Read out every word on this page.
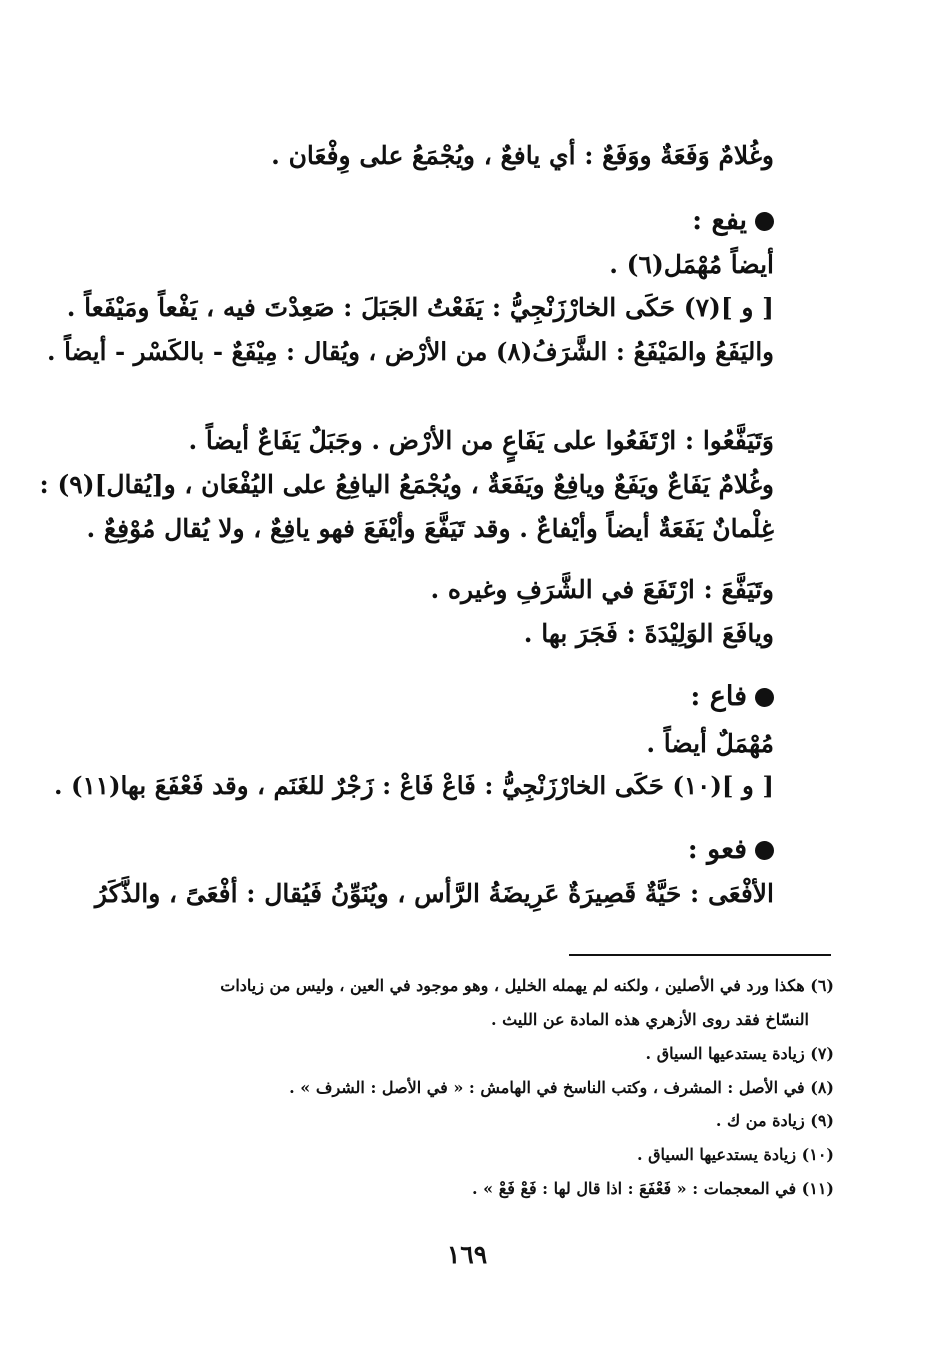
وغُلامٌ وَفَعَةٌ ووَفَعٌ : أي يافعٌ ، ويُجْمَعُ على وِفْعَان .
يفع :
أيضاً مُهْمَل(٦) .
[ و ](٧) حَكَى الخارْزَنْجِيُّ : يَفَعْتُ الجَبَلَ : صَعِدْتَ فيه ، يَفْعاً ومَيْفَعاً .
واليَفَعُ والمَيْفَعُ : الشَّرَفُ(٨) من الأرْض ، ويُقال : مِيْفَعٌ - بالكَسْر - أيضاً .
وَتَيَفَّعُوا : ارْتَفَعُوا على يَفَاعٍ من الأرْض . وجَبَلٌ يَفَاعٌ أيضاً .
وغُلامٌ يَفَاعٌ ويَفَعٌ ويافِعٌ ويَفَعَةٌ ، ويُجْمَعُ اليافِعُ على اليُفْعَان ، و[يُقال](٩) :
غِلْمانٌ يَفَعَةٌ أيضاً وأيْفاعٌ . وقد تَيَفَّعَ وأيْفَعَ فهو يافِعٌ ، ولا يُقال مُوْفِعٌ .
وتَيَفَّعَ : ارْتَفَعَ في الشَّرَفِ وغيره .
ويافَعَ الوَلِيْدَةَ : فَجَرَ بها .
فاع :
مُهْمَلٌ أيضاً .
[ و ](١٠) حَكَى الخارْزَنْجِيُّ : فَاعْ فَاعْ : زَجْرٌ للغَنَم ، وقد فَعْفَعَ بها(١١) .
فعو :
الأفْعَى : حَيَّةٌ قَصِيرَةٌ عَرِيضَةُ الرَّأس ، ويُنَوِّنُ فَيُقال : أفْعَىً ، والذَّكَرُ
(٦) هكذا ورد في الأصلين ، ولكنه لم يهمله الخليل ، وهو موجود في العين ، وليس من زيادات
النسّاخ فقد روى الأزهري هذه المادة عن الليث .
(٧) زيادة يستدعيها السياق .
(٨) في الأصل : المشرف ، وكتب الناسخ في الهامش : « في الأصل : الشرف » .
(٩) زيادة من ك .
(١٠) زيادة يستدعيها السياق .
(١١) في المعجمات : « فَعْفَعَ : اذا قال لها : فَعْ فَعْ » .
١٦٩
